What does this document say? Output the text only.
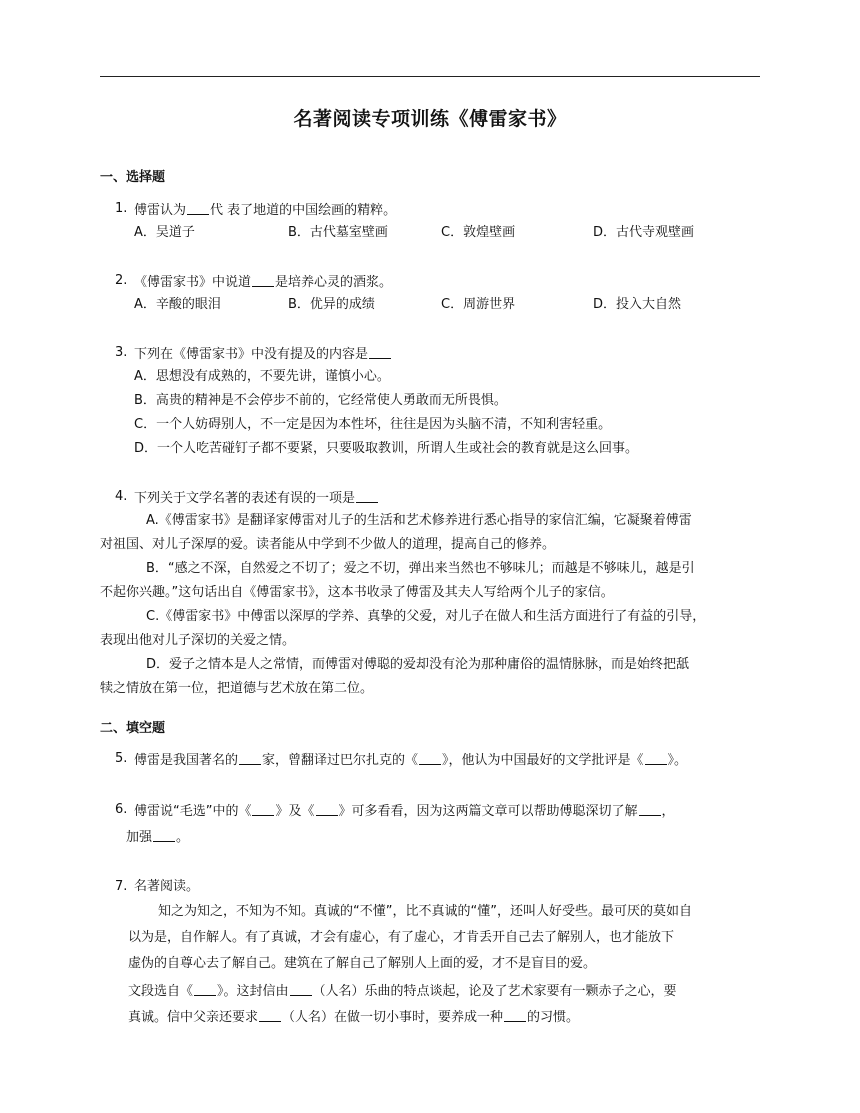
名著阅读专项训练《傅雷家书》
一、选择题
1. 傅雷认为 代 表了地道的中国绘画的精粹。
A．吴道子	B．古代墓室壁画	C．敦煌壁画	D．古代寺观壁画
2. 《傅雷家书》中说道 是培养心灵的酒浆。
A．辛酸的眼泪	B．优异的成绩	C．周游世界	D．投入大自然
3. 下列在《傅雷家书》中没有提及的内容是
A．思想没有成熟的，不要先讲，谨慎小心。
B．高贵的精神是不会停步不前的，它经常使人勇敢而无所畏惧。
C．一个人妨碍别人，不一定是因为本性坏，往往是因为头脑不清，不知利害轻重。
D．一个人吃苦碰钉子都不要紧，只要吸取教训，所谓人生或社会的教育就是这么回事。
4. 下列关于文学名著的表述有误的一项是
A.《傅雷家书》是翻译家傅雷对儿子的生活和艺术修养进行悉心指导的家信汇编，它凝聚着傅雷
对祖国、对儿子深厚的爱。读者能从中学到不少做人的道理，提高自己的修养。
B．“感之不深，自然爱之不切了；爱之不切，弹出来当然也不够味儿；而越是不够味儿，越是引
不起你兴趣。”这句话出自《傅雷家书》，这本书收录了傅雷及其夫人写给两个儿子的家信。
C.《傅雷家书》中傅雷以深厚的学养、真挚的父爱，对儿子在做人和生活方面进行了有益的引导，
表现出他对儿子深切的关爱之情。
D．爱子之情本是人之常情，而傅雷对傅聪的爱却没有沦为那种庸俗的温情脉脉，而是始终把舐
犊之情放在第一位，把道德与艺术放在第二位。
二、填空题
5. 傅雷是我国著名的 家，曾翻译过巴尔扎克的《 》，他认为中国最好的文学批评是《 》。
6. 傅雷说“毛选”中的《 》及《 》可多看看，因为这两篇文章可以帮助傅聪深切了解 ，
加强 。
7. 名著阅读。
知之为知之，不知为不知。真诚的“不懂”，比不真诚的“懂”，还叫人好受些。最可厌的莫如自
以为是，自作解人。有了真诚，才会有虚心，有了虚心，才肯丢开自己去了解别人，也才能放下
虚伪的自尊心去了解自己。建筑在了解自己了解别人上面的爱，才不是盲目的爱。
文段选自《 》。这封信由 （人名）乐曲的特点谈起，论及了艺术家要有一颗赤子之心，要
真诚。信中父亲还要求 （人名）在做一切小事时，要养成一种 的习惯。
